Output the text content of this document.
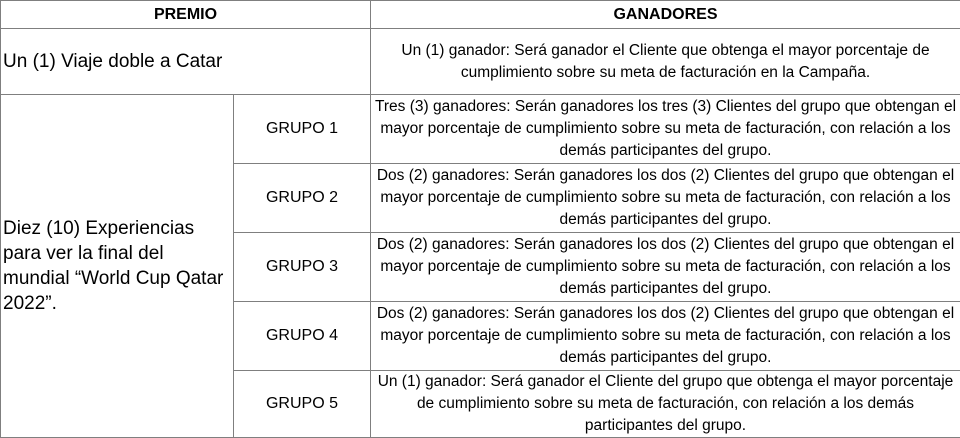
PREMIO		GANADORES
Un (1) Viaje doble a Catar		Un (1) ganador: Será ganador el Cliente que obtenga el mayor porcentaje de cumplimiento sobre su meta de facturación en la Campaña.
Diez (10) Experiencias para ver la final del mundial “World Cup Qatar 2022”.	GRUPO 1	Tres (3) ganadores: Serán ganadores los tres (3) Clientes del grupo que obtengan el mayor porcentaje de cumplimiento sobre su meta de facturación, con relación a los demás participantes del grupo.
	GRUPO 2	Dos (2) ganadores: Serán ganadores los dos (2) Clientes del grupo que obtengan el mayor porcentaje de cumplimiento sobre su meta de facturación, con relación a los demás participantes del grupo.
	GRUPO 3	Dos (2) ganadores: Serán ganadores los dos (2) Clientes del grupo que obtengan el mayor porcentaje de cumplimiento sobre su meta de facturación, con relación a los demás participantes del grupo.
	GRUPO 4	Dos (2) ganadores: Serán ganadores los dos (2) Clientes del grupo que obtengan el mayor porcentaje de cumplimiento sobre su meta de facturación, con relación a los demás participantes del grupo.
	GRUPO 5	Un (1) ganador: Será ganador el Cliente del grupo que obtenga el mayor porcentaje de cumplimiento sobre su meta de facturación, con relación a los demás participantes del grupo.
